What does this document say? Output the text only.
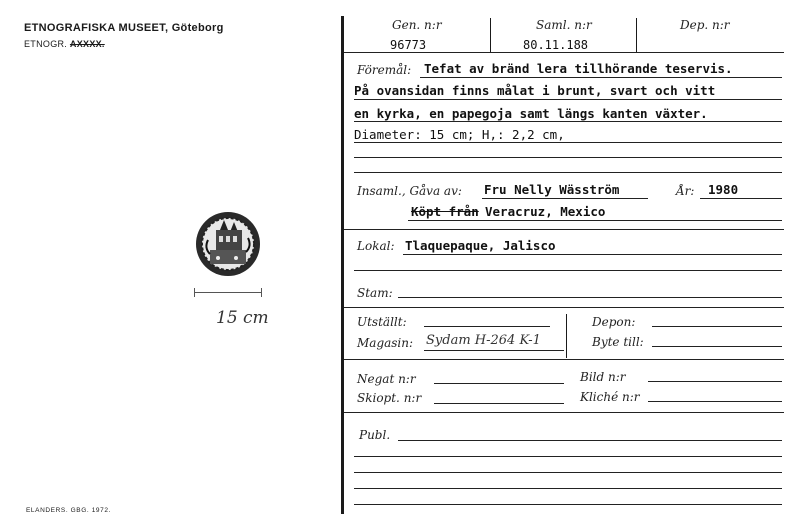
ETNOGRAFISKA MUSEET, Göteborg
ETNOGR. AXXXX.
15 cm
ELANDERS. GBG. 1972.
Gen. n:r
96773
Saml. n:r
80.11.188
Dep. n:r
Föremål: Tefat av bränd lera tillhörande teservis.
På ovansidan finns målat i brunt, svart och vitt
en kyrka, en papegoja samt längs kanten växter.
Diameter: 15 cm; H,: 2,2 cm,
Insaml., Gåva av: Fru Nelly Wäsström	År: 1980
Köpt från Veracruz, Mexico
Lokal: Tlaquepaque, Jalisco
Stam:
Utställt:
Magasin: Sydam H-264 K-1
Depon:
Byte till:
Negat n:r	Bild n:r
Skiopt. n:r	Kliché n:r
Publ.
